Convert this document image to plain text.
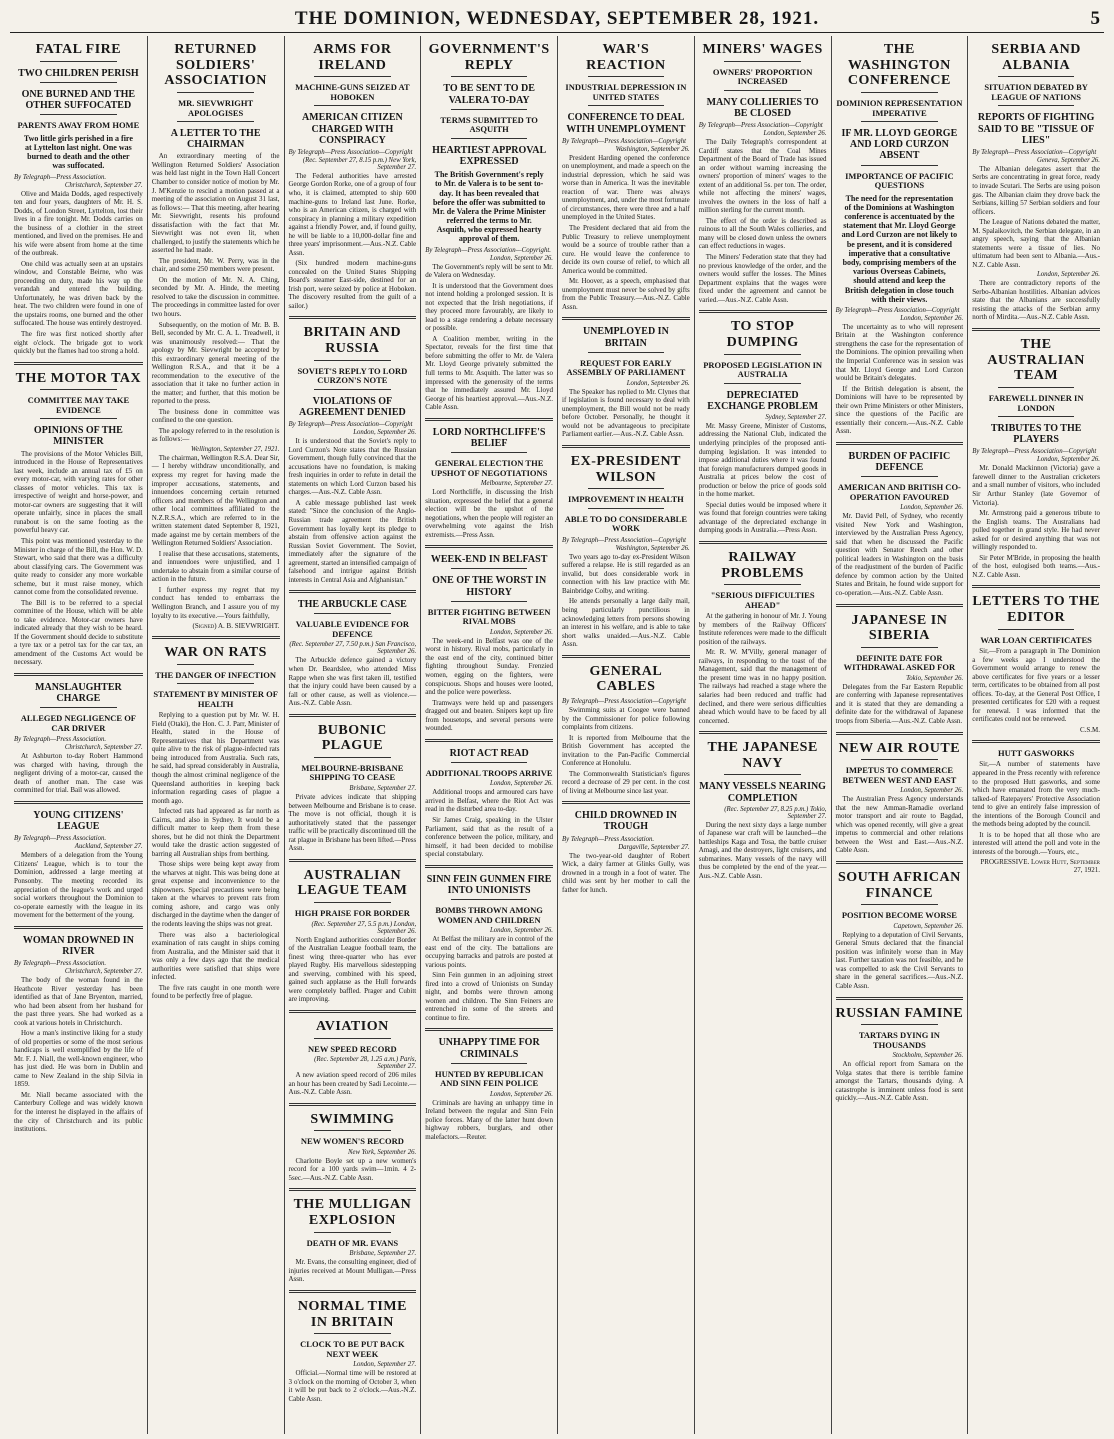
THE DOMINION, WEDNESDAY, SEPTEMBER 28, 1921.	5
FATAL FIRE
TWO CHILDREN PERISH
ONE BURNED AND THE OTHER SUFFOCATED
PARENTS AWAY FROM HOME
Two little girls perished in a fire at Lyttelton last night. One was burned to death and the other was suffocated.
By Telegraph—Press Association.
Christchurch, September 27.

Olive and Maida Dodds, aged respectively ten and four years, daughters of Mr. H. S. Dodds, of London Street, Lyttelton, lost their lives in a fire tonight. Mr. Dodds carries on the business of a clothier in the street mentioned, and lived on the premises. He and his wife were absent from home at the time of the outbreak.

One child was actually seen at an upstairs window, and Constable Beirne, who was proceeding on duty, made his way up the verandah and entered the building. Unfortunately, he was driven back by the heat. The two children were found in one of the upstairs rooms, one burned and the other suffocated. The house was entirely destroyed.

The fire was first noticed shortly after eight o'clock. The brigade got to work quickly but the flames had too strong a hold.

THE MOTOR TAX
COMMITTEE MAY TAKE EVIDENCE
OPINIONS OF THE MINISTER

The provisions of the Motor Vehicles Bill, introduced in the House of Representatives last week, include an annual tax of £5 on every motor-car, with varying rates for other classes of motor vehicles. This tax is irrespective of weight and horse-power, and motor-car owners are suggesting that it will operate unfairly, since in places the small runabout is on the same footing as the powerful heavy car.

This point was mentioned yesterday to the Minister in charge of the Bill, the Hon. W. D. Stewart, who said that there was a difficulty about classifying cars. The Government was quite ready to consider any more workable scheme, but it must raise money, which cannot come from the consolidated revenue.

The Bill is to be referred to a special committee of the House, which will be able to take evidence. Motor-car owners have indicated already that they wish to be heard. If the Government should decide to substitute a tyre tax or a petrol tax for the car tax, an amendment of the Customs Act would be necessary.

MANSLAUGHTER CHARGE
ALLEGED NEGLIGENCE OF CAR DRIVER
By Telegraph—Press Association.
Christchurch, September 27.

At Ashburton to-day Robert Hammond was charged with having, through the negligent driving of a motor-car, caused the death of another man. The case was committed for trial. Bail was allowed.

YOUNG CITIZENS' LEAGUE
By Telegraph—Press Association.
Auckland, September 27.

Members of a delegation from the Young Citizens' League, which is to tour the Dominion, addressed a large meeting at Ponsonby. The meeting recorded its appreciation of the league's work and urged social workers throughout the Dominion to co-operate earnestly with the league in its movement for the betterment of the young.

WOMAN DROWNED IN RIVER
By Telegraph—Press Association.
Christchurch, September 27.

The body of the woman found in the Heathcote River yesterday has been identified as that of Jane Bryenton, married, who had been absent from her husband for the past three years. She had worked as a cook at various hotels in Christchurch.

How a man's instinctive liking for a study of old properties or some of the most serious handicaps is well exemplified by the life of Mr. F. J. Niall, the well-known engineer, who has just died. He was born in Dublin and came to New Zealand in the ship Silvia in 1859.

Mr. Niall became associated with the Canterbury College and was widely known for the interest he displayed in the affairs of the city of Christchurch and its public institutions.

RETURNED SOLDIERS' ASSOCIATION
MR. SIEVWRIGHT APOLOGISES
A LETTER TO THE CHAIRMAN

An extraordinary meeting of the Wellington Returned Soldiers' Association was held last night in the Town Hall Concert Chamber to consider notice of motion by Mr. J. M'Kenzie to rescind a motion passed at a meeting of the association on August 31 last, as follows:— That this meeting, after hearing Mr. Sievwright, resents his profound dissatisfaction with the fact that Mr. Sievwright was not even lit, when challenged, to justify the statements which he asserted he had made.

The president, Mr. W. Perry, was in the chair, and some 250 members were present.

On the motion of Mr. N. A. Ching, seconded by Mr. A. Hinde, the meeting resolved to take the discussion in committee. The proceedings in committee lasted for over two hours.

Subsequently, on the motion of Mr. B. B. Bell, seconded by Mr. C. A. L. Treadwell, it was unanimously resolved:— That the apology by Mr. Sievwright be accepted by this extraordinary general meeting of the Wellington R.S.A., and that it be a recommendation to the executive of the association that it take no further action in the matter; and further, that this motion be reported to the press.

The business done in committee was confined to the one question.

The apology referred to in the resolution is as follows:—

Wellington, September 27, 1921.

The chairman, Wellington R.S.A. Dear Sir,— I hereby withdraw unconditionally, and express my regret for having made the improper accusations, statements, and innuendoes concerning certain returned officers and members of the Wellington and other local committees affiliated to the N.Z.R.S.A., which are referred to in the written statement dated September 8, 1921, made against me by certain members of the Wellington Returned Soldiers' Association.

I realise that these accusations, statements, and innuendoes were unjustified, and I undertake to abstain from a similar course of action in the future.

I further express my regret that my conduct has tended to embarrass the Wellington Branch, and I assure you of my loyalty to its executive.—Yours faithfully,

(Signed) A. B. SIEVWRIGHT.
WAR ON RATS
THE DANGER OF INFECTION
STATEMENT BY MINISTER OF HEALTH

Replying to a question put by Mr. W. H. Field (Otaki), the Hon. C. J. Parr, Minister of Health, stated in the House of Representatives that his Department was quite alive to the risk of plague-infected rats being introduced from Australia. Such rats, he said, had spread considerably in Australia, though the almost criminal negligence of the Queensland authorities in keeping back information regarding cases of plague a month ago.

Infected rats had appeared as far north as Cairns, and also in Sydney. It would be a difficult matter to keep them from these shores, but he did not think the Department would take the drastic action suggested of barring all Australian ships from berthing.

Those ships were being kept away from the wharves at night. This was being done at great expense and inconvenience to the shipowners. Special precautions were being taken at the wharves to prevent rats from coming ashore, and cargo was only discharged in the daytime when the danger of the rodents leaving the ships was not great.

There was also a bacteriological examination of rats caught in ships coming from Australia, and the Minister said that it was only a few days ago that the medical authorities were satisfied that ships were infected.

The five rats caught in one month were found to be perfectly free of plague.

ARMS FOR IRELAND
MACHINE-GUNS SEIZED AT HOBOKEN
AMERICAN CITIZEN CHARGED WITH CONSPIRACY
By Telegraph—Press Association—Copyright
(Rec. September 27, 8.15 p.m.) New York, September 27.

The Federal authorities have arrested George Gordon Rorke, one of a group of four who, it is claimed, attempted to ship 600 machine-guns to Ireland last June. Rorke, who is an American citizen, is charged with conspiracy in planning a military expedition against a friendly Power, and, if found guilty, he will be liable to a 10,000-dollar fine and three years' imprisonment.—Aus.-N.Z. Cable Assn.

(Six hundred modern machine-guns concealed on the United States Shipping Board's steamer East-side, destined for an Irish port, were seized by police at Hoboken. The discovery resulted from the guilt of a sailor.)

BRITAIN AND RUSSIA
SOVIET'S REPLY TO LORD CURZON'S NOTE
VIOLATIONS OF AGREEMENT DENIED
By Telegraph—Press Association—Copyright
London, September 26.

It is understood that the Soviet's reply to Lord Curzon's Note states that the Russian Government, though fully convinced that the accusations have no foundation, is making fresh inquiries in order to refute in detail the statements on which Lord Curzon based his charges.—Aus.-N.Z. Cable Assn.

A cable message published last week stated: "Since the conclusion of the Anglo-Russian trade agreement the British Government has loyally kept its pledge to abstain from offensive action against the Russian Soviet Government. The Soviet, immediately after the signature of the agreement, started an intensified campaign of falsehood and intrigue against British interests in Central Asia and Afghanistan."

THE ARBUCKLE CASE
VALUABLE EVIDENCE FOR DEFENCE
(Rec. September 27, 7.50 p.m.) San Francisco, September 26.

The Arbuckle defence gained a victory when Dr. Beardslee, who attended Miss Rappe when she was first taken ill, testified that the injury could have been caused by a fall or other cause, as well as violence.—Aus.-N.Z. Cable Assn.

BUBONIC PLAGUE
MELBOURNE-BRISBANE SHIPPING TO CEASE
Brisbane, September 27.

Private advices indicate that shipping between Melbourne and Brisbane is to cease. The move is not official, though it is authoritatively stated that the passenger traffic will be practically discontinued till the rat plague in Brisbane has been lifted.—Press Assn.

AUSTRALIAN LEAGUE TEAM
HIGH PRAISE FOR BORDER
(Rec. September 27, 5.5 p.m.) London, September 26.

North England authorities consider Border of the Australian League football team, the finest wing three-quarter who has ever played Rugby. His marvellous sidestepping and swerving, combined with his speed, gained such applause as the Hull forwards were completely baffled. Prager and Cubitt are improving.

AVIATION
NEW SPEED RECORD
(Rec. September 28, 1.25 a.m.) Paris, September 27.

A new aviation speed record of 206 miles an hour has been created by Sadi Lecointe.—Aus.-N.Z. Cable Assn.

SWIMMING
NEW WOMEN'S RECORD
New York, September 26.

Charlotte Boyle set up a new women's record for a 100 yards swim—1min. 4 2-5sec.—Aus.-N.Z. Cable Assn.

THE MULLIGAN EXPLOSION
DEATH OF MR. EVANS
Brisbane, September 27.

Mr. Evans, the consulting engineer, died of injuries received at Mount Mulligan.—Press Assn.

NORMAL TIME IN BRITAIN
CLOCK TO BE PUT BACK NEXT WEEK
London, September 27.

Official.—Normal time will be restored at 3 o'clock on the morning of October 3, when it will be put back to 2 o'clock.—Aus.-N.Z. Cable Assn.

GOVERNMENT'S REPLY
TO BE SENT TO DE VALERA TO-DAY
TERMS SUBMITTED TO ASQUITH
HEARTIEST APPROVAL EXPRESSED
The British Government's reply to Mr. de Valera is to be sent to-day. It has been revealed that before the offer was submitted to Mr. de Valera the Prime Minister referred the terms to Mr. Asquith, who expressed hearty approval of them.
By Telegraph—Press Association—Copyright.
London, September 26.

The Government's reply will be sent to Mr. de Valera on Wednesday.

It is understood that the Government does not intend holding a prolonged session. It is not expected that the Irish negotiations, if they proceed more favourably, are likely to lead to a stage rendering a debate necessary or possible.

A Coalition member, writing in the Spectator, reveals for the first time that before submitting the offer to Mr. de Valera Mr. Lloyd George privately submitted the full terms to Mr. Asquith. The latter was so impressed with the generosity of the terms that he immediately assured Mr. Lloyd George of his heartiest approval.—Aus.-N.Z. Cable Assn.

LORD NORTHCLIFFE'S BELIEF
GENERAL ELECTION THE UPSHOT OF NEGOTIATIONS
Melbourne, September 27.

Lord Northcliffe, in discussing the Irish situation, expressed the belief that a general election will be the upshot of the negotiations, when the people will register an overwhelming vote against the Irish extremists.—Press Assn.

WEEK-END IN BELFAST
ONE OF THE WORST IN HISTORY
BITTER FIGHTING BETWEEN RIVAL MOBS
London, September 26.

The week-end in Belfast was one of the worst in history. Rival mobs, particularly in the east end of the city, continued bitter fighting throughout Sunday. Frenzied women, egging on the fighters, were conspicuous. Shops and houses were looted, and the police were powerless.

Tramways were held up and passengers dragged out and beaten. Snipers kept up fire from housetops, and several persons were wounded.

RIOT ACT READ
ADDITIONAL TROOPS ARRIVE
London, September 26.

Additional troops and armoured cars have arrived in Belfast, where the Riot Act was read in the disturbed area to-day.

Sir James Craig, speaking in the Ulster Parliament, said that as the result of a conference between the police, military, and himself, it had been decided to mobilise special constabulary.

SINN FEIN GUNMEN FIRE INTO UNIONISTS
BOMBS THROWN AMONG WOMEN AND CHILDREN
London, September 26.

At Belfast the military are in control of the east end of the city. The battalions are occupying barracks and patrols are posted at various points.

Sinn Fein gunmen in an adjoining street fired into a crowd of Unionists on Sunday night, and bombs were thrown among women and children. The Sinn Feiners are entrenched in some of the streets and continue to fire.

UNHAPPY TIME FOR CRIMINALS
HUNTED BY REPUBLICAN AND SINN FEIN POLICE
London, September 26.

Criminals are having an unhappy time in Ireland between the regular and Sinn Fein police forces. Many of the latter hunt down highway robbers, burglars, and other malefactors.—Reuter.

WAR'S REACTION
INDUSTRIAL DEPRESSION IN UNITED STATES
CONFERENCE TO DEAL WITH UNEMPLOYMENT
By Telegraph—Press Association—Copyright
Washington, September 26.

President Harding opened the conference on unemployment, and made a speech on the industrial depression, which he said was worse than in America. It was the inevitable reaction of war. There was always unemployment, and, under the most fortunate of circumstances, there were three and a half unemployed in the United States.

The President declared that aid from the Public Treasury to relieve unemployment would be a source of trouble rather than a cure. He would leave the conference to decide its own course of relief, to which all America would be committed.

Mr. Hoover, as a speech, emphasised that unemployment must never be solved by gifts from the Public Treasury.—Aus.-N.Z. Cable Assn.

UNEMPLOYED IN BRITAIN
REQUEST FOR EARLY ASSEMBLY OF PARLIAMENT
London, September 26.

The Speaker has replied to Mr. Clynes that if legislation is found necessary to deal with unemployment, the Bill would not be ready before October. Personally, he thought it would not be advantageous to precipitate Parliament earlier.—Aus.-N.Z. Cable Assn.

EX-PRESIDENT WILSON
IMPROVEMENT IN HEALTH
ABLE TO DO CONSIDERABLE WORK
By Telegraph—Press Association—Copyright
Washington, September 26.

Two years ago to-day ex-President Wilson suffered a relapse. He is still regarded as an invalid, but does considerable work in connection with his law practice with Mr. Bainbridge Colby, and writing.

He attends personally a large daily mail, being particularly punctilious in acknowledging letters from persons showing an interest in his welfare, and is able to take short walks unaided.—Aus.-N.Z. Cable Assn.

GENERAL CABLES
By Telegraph—Press Association—Copyright

Swimming suits at Coogee were banned by the Commissioner for police following complaints from citizens.

It is reported from Melbourne that the British Government has accepted the invitation to the Pan-Pacific Commercial Conference at Honolulu.

The Commonwealth Statistician's figures record a decrease of 29 per cent. in the cost of living at Melbourne since last year.

CHILD DROWNED IN TROUGH
By Telegraph—Press Association.
Dargaville, September 27.

The two-year-old daughter of Robert Wick, a dairy farmer at Glinks Gully, was drowned in a trough in a foot of water. The child was sent by her mother to call the father for lunch.

MINERS' WAGES
OWNERS' PROPORTION INCREASED
MANY COLLIERIES TO BE CLOSED
By Telegraph—Press Association—Copyright
London, September 26.

The Daily Telegraph's correspondent at Cardiff states that the Coal Mines Department of the Board of Trade has issued an order without warning increasing the owners' proportion of miners' wages to the extent of an additional 5s. per ton. The order, while not affecting the miners' wages, involves the owners in the loss of half a million sterling for the current month.

The effect of the order is described as ruinous to all the South Wales collieries, and many will be closed down unless the owners can effect reductions in wages.

The Miners' Federation state that they had no previous knowledge of the order, and the owners would suffer the losses. The Mines Department explains that the wages were fixed under the agreement and cannot be varied.—Aus.-N.Z. Cable Assn.

TO STOP DUMPING
PROPOSED LEGISLATION IN AUSTRALIA
DEPRECIATED EXCHANGE PROBLEM
Sydney, September 27.

Mr. Massy Greene, Minister of Customs, addressing the National Club, indicated the underlying principles of the proposed anti-dumping legislation. It was intended to impose additional duties where it was found that foreign manufacturers dumped goods in Australia at prices below the cost of production or below the price of goods sold in the home market.

Special duties would be imposed where it was found that foreign countries were taking advantage of the depreciated exchange in dumping goods in Australia.—Press Assn.

RAILWAY PROBLEMS
"SERIOUS DIFFICULTIES AHEAD"

At the gathering in honour of Mr. J. Young by members of the Railway Officers' Institute references were made to the difficult position of the railways.

Mr. R. W. M'Villy, general manager of railways, in responding to the toast of the Management, said that the management of the present time was in no happy position. The railways had reached a stage where the salaries had been reduced and traffic had declined, and there were serious difficulties ahead which would have to be faced by all concerned.

THE JAPANESE NAVY
MANY VESSELS NEARING COMPLETION
(Rec. September 27, 8.25 p.m.) Tokio, September 27.

During the next sixty days a large number of Japanese war craft will be launched—the battleships Kaga and Tosa, the battle cruiser Amagi, and the destroyers, light cruisers, and submarines. Many vessels of the navy will thus be completed by the end of the year.—Aus.-N.Z. Cable Assn.

THE WASHINGTON CONFERENCE
DOMINION REPRESENTATION IMPERATIVE
IF MR. LLOYD GEORGE AND LORD CURZON ABSENT
IMPORTANCE OF PACIFIC QUESTIONS
The need for the representation of the Dominions at Washington conference is accentuated by the statement that Mr. Lloyd George and Lord Curzon are not likely to be present, and it is considered imperative that a consultative body, comprising members of the various Overseas Cabinets, should attend and keep the British delegation in close touch with their views.
By Telegraph—Press Association—Copyright
London, September 26.

The uncertainty as to who will represent Britain at the Washington conference strengthens the case for the representation of the Dominions. The opinion prevailing when the Imperial Conference was in session was that Mr. Lloyd George and Lord Curzon would be Britain's delegates.

If the British delegation is absent, the Dominions will have to be represented by their own Prime Ministers or other Ministers, since the questions of the Pacific are essentially their concern.—Aus.-N.Z. Cable Assn.

BURDEN OF PACIFIC DEFENCE
AMERICAN AND BRITISH CO-OPERATION FAVOURED
London, September 26.

Mr. David Pell, of Sydney, who recently visited New York and Washington, interviewed by the Australian Press Agency, said that when he discussed the Pacific question with Senator Reech and other political leaders in Washington on the basis of the readjustment of the burden of Pacific defence by common action by the United States and Britain, he found wide support for co-operation.—Aus.-N.Z. Cable Assn.

JAPANESE IN SIBERIA
DEFINITE DATE FOR WITHDRAWAL ASKED FOR
Tokio, September 26.

Delegates from the Far Eastern Republic are conferring with Japanese representatives and it is stated that they are demanding a definite date for the withdrawal of Japanese troops from Siberia.—Aus.-N.Z. Cable Assn.

NEW AIR ROUTE
IMPETUS TO COMMERCE BETWEEN WEST AND EAST
London, September 26.

The Australian Press Agency understands that the new Amman-Ramadie overland motor transport and air route to Bagdad, which was opened recently, will give a great impetus to commercial and other relations between the West and East.—Aus.-N.Z. Cable Assn.

SOUTH AFRICAN FINANCE
POSITION BECOME WORSE
Capetown, September 26.

Replying to a deputation of Civil Servants, General Smuts declared that the financial position was infinitely worse than in May last. Further taxation was not feasible, and he was compelled to ask the Civil Servants to share in the general sacrifices.—Aus.-N.Z. Cable Assn.

RUSSIAN FAMINE
TARTARS DYING IN THOUSANDS
Stockholm, September 26.

An official report from Samara on the Volga states that there is terrible famine amongst the Tartars, thousands dying. A catastrophe is imminent unless food is sent quickly.—Aus.-N.Z. Cable Assn.

SERBIA AND ALBANIA
SITUATION DEBATED BY LEAGUE OF NATIONS
REPORTS OF FIGHTING SAID TO BE "TISSUE OF LIES"
By Telegraph—Press Association—Copyright
Geneva, September 26.

The Albanian delegates assert that the Serbs are concentrating in great force, ready to invade Scutari. The Serbs are using poison gas. The Albanian claim they drove back the Serbians, killing 57 Serbian soldiers and four officers.

The League of Nations debated the matter, M. Spalaikovitch, the Serbian delegate, in an angry speech, saying that the Albanian statements were a tissue of lies. No ultimatum had been sent to Albania.—Aus.-N.Z. Cable Assn.

London, September 26.

There are contradictory reports of the Serbo-Albanian hostilities. Albanian advices state that the Albanians are successfully resisting the attacks of the Serbian army north of Mirdita.—Aus.-N.Z. Cable Assn.

THE AUSTRALIAN TEAM
FAREWELL DINNER IN LONDON
TRIBUTES TO THE PLAYERS
By Telegraph—Press Association—Copyright
London, September 26.

Mr. Donald Mackinnon (Victoria) gave a farewell dinner to the Australian cricketers and a small number of visitors, who included Sir Arthur Stanley (late Governor of Victoria).

Mr. Armstrong paid a generous tribute to the English teams. The Australians had pulled together in grand style. He had never asked for or desired anything that was not willingly responded to.

Sir Peter M'Bride, in proposing the health of the host, eulogised both teams.—Aus.-N.Z. Cable Assn.

LETTERS TO THE EDITOR
WAR LOAN CERTIFICATES

Sir,—From a paragraph in The Dominion a few weeks ago I understood the Government would arrange to renew the above certificates for five years or a lesser term, certificates to be obtained from all post offices. To-day, at the General Post Office, I presented certificates for £20 with a request for renewal. I was informed that the certificates could not be renewed.

C.S.M.
HUTT GASWORKS

Sir,—A number of statements have appeared in the Press recently with reference to the proposed Hutt gasworks, and some which have emanated from the very much-talked-of Ratepayers' Protective Association tend to give an entirely false impression of the intentions of the Borough Council and the methods being adopted by the council.

It is to be hoped that all those who are interested will attend the poll and vote in the interests of the borough.—Yours, etc.,

PROGRESSIVE. Lower Hutt, September 27, 1921.
